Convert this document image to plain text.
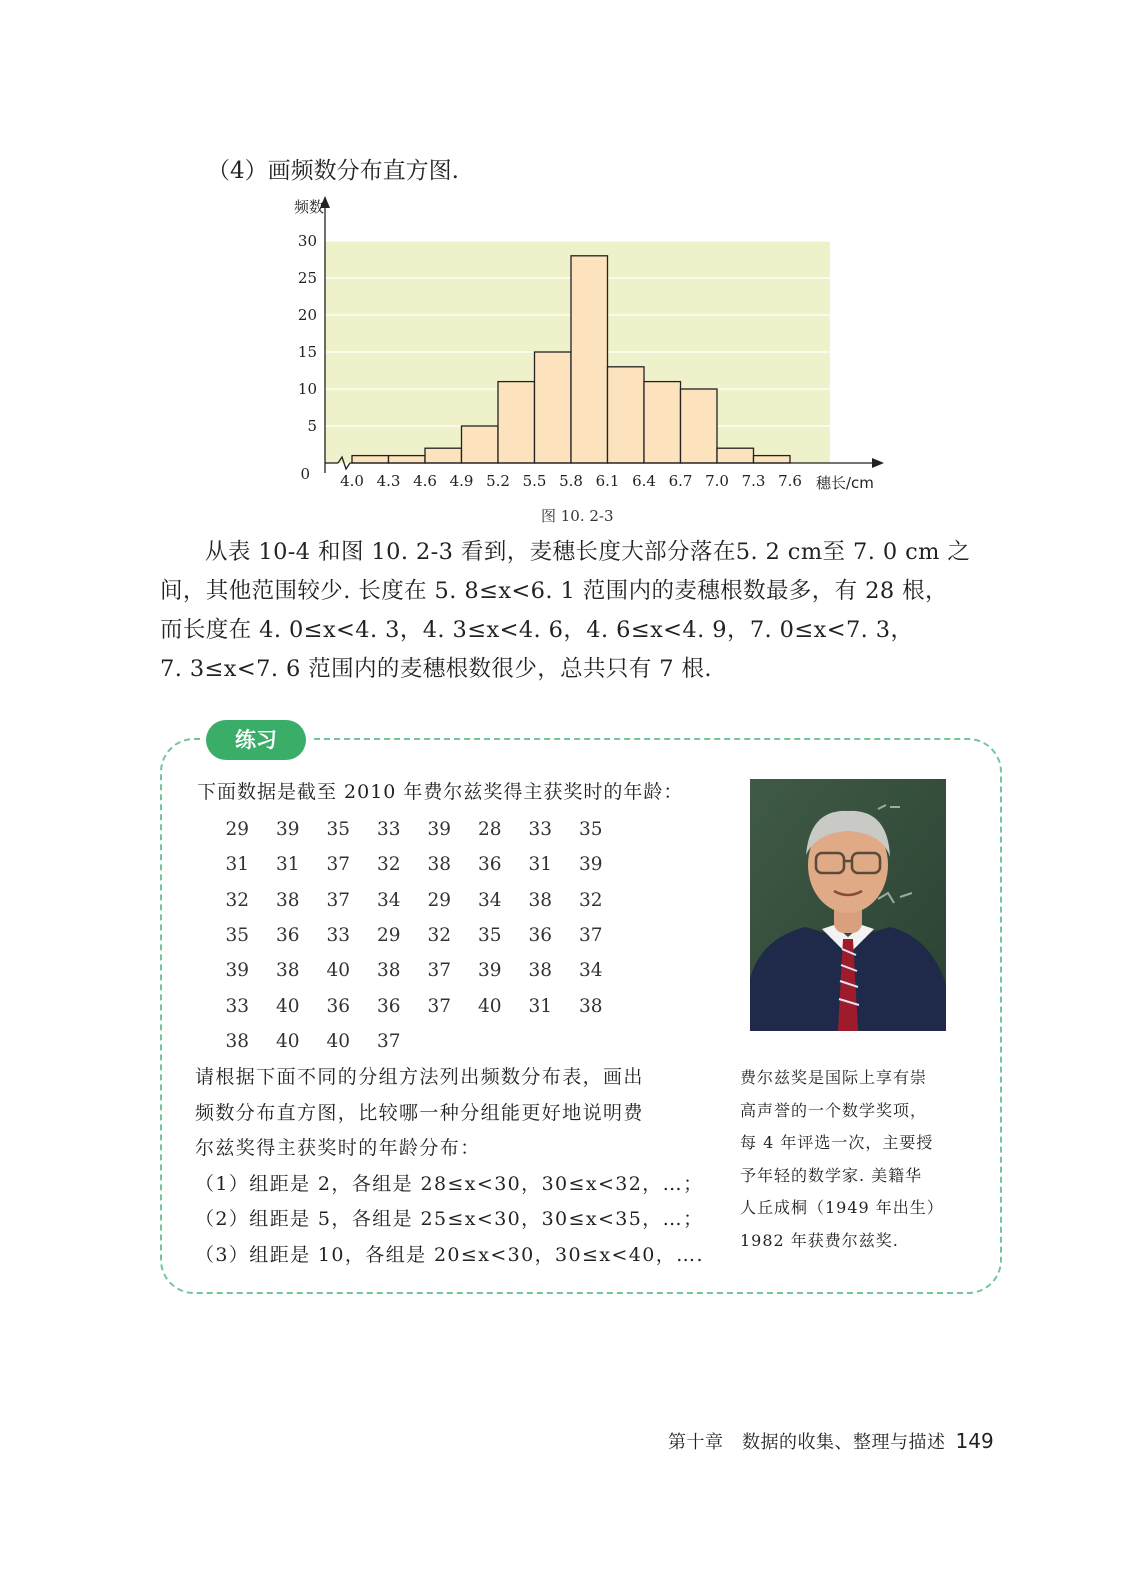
（4）画频数分布直方图.
0
5
10
15
20
25
30
4.0 4.3 4.6 4.9 5.2 5.5 5.8 6.1 6.4 6.7 7.0 7.3 7.6
频数
穗长/cm
图 10. 2-3

从表 10-4 和图 10. 2-3 看到，麦穗长度大部分落在5. 2 cm至 7. 0 cm 之

间，其他范围较少. 长度在 5. 8≤x<6. 1 范围内的麦穗根数最多，有 28 根，

而长度在 4. 0≤x<4. 3，4. 3≤x<4. 6，4. 6≤x<4. 9，7. 0≤x<7. 3，

7. 3≤x<7. 6 范围内的麦穗根数很少，总共只有 7 根.

练习
下面数据是截至 2010 年费尔兹奖得主获奖时的年龄：
29	39	35	33	39	28	33	35
31	31	37	32	38	36	31	39
32	38	37	34	29	34	38	32
35	36	33	29	32	35	36	37
39	38	40	38	37	39	38	34
33	40	36	36	37	40	31	38
38	40	40	37				

请根据下面不同的分组方法列出频数分布表，画出

频数分布直方图，比较哪一种分组能更好地说明费

尔兹奖得主获奖时的年龄分布：

（1）组距是 2，各组是 28≤x<30，30≤x<32，…；

（2）组距是 5，各组是 25≤x<30，30≤x<35，…；

（3）组距是 10，各组是 20≤x<30，30≤x<40，….

费尔兹奖是国际上享有崇

高声誉的一个数学奖项，

每 4 年评选一次，主要授

予年轻的数学家. 美籍华

人丘成桐（1949 年出生）

1982 年获费尔兹奖.

第十章　数据的收集、整理与描述 149
